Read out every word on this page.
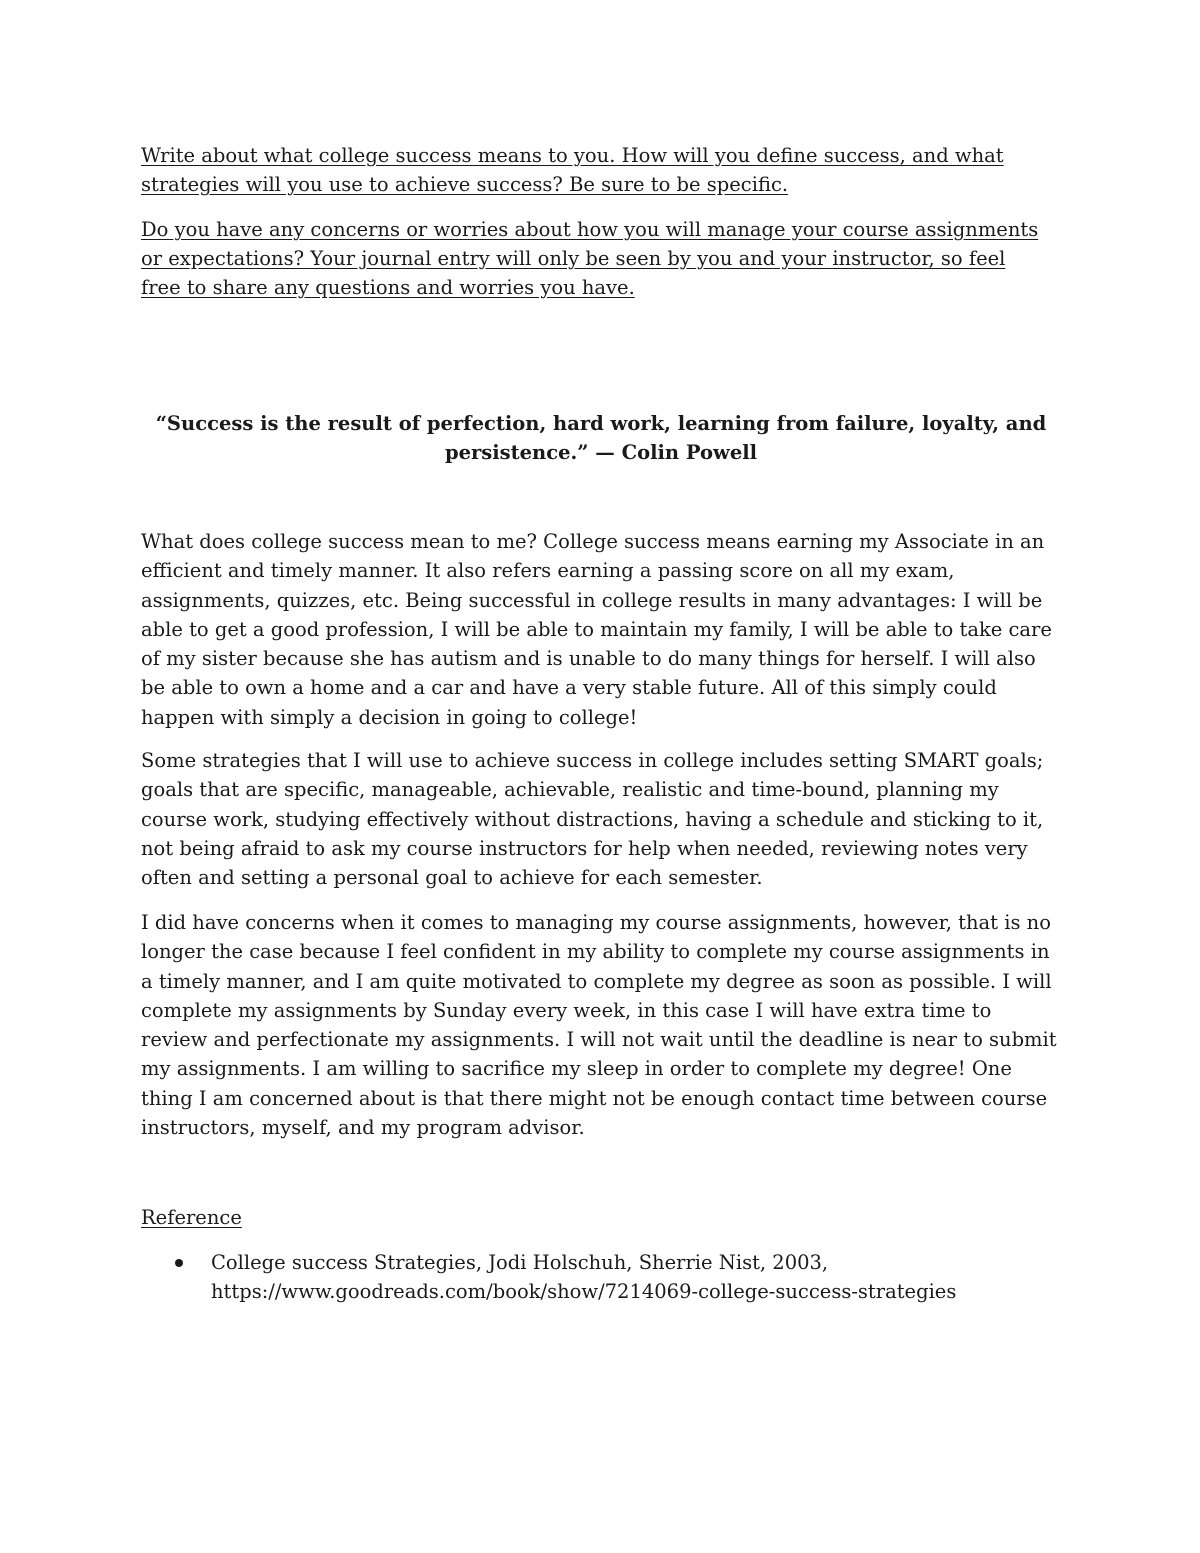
Write about what college success means to you. How will you define success, and what strategies will you use to achieve success? Be sure to be specific.

Do you have any concerns or worries about how you will manage your course assignments or expectations? Your journal entry will only be seen by you and your instructor, so feel free to share any questions and worries you have.

“Success is the result of perfection, hard work, learning from failure, loyalty, and persistence.” — Colin Powell

What does college success mean to me? College success means earning my Associate in an efficient and timely manner. It also refers earning a passing score on all my exam, assignments, quizzes, etc. Being successful in college results in many advantages: I will be able to get a good profession, I will be able to maintain my family, I will be able to take care of my sister because she has autism and is unable to do many things for herself. I will also be able to own a home and a car and have a very stable future. All of this simply could happen with simply a decision in going to college!

Some strategies that I will use to achieve success in college includes setting SMART goals; goals that are specific, manageable, achievable, realistic and time-bound, planning my course work, studying effectively without distractions, having a schedule and sticking to it, not being afraid to ask my course instructors for help when needed, reviewing notes very often and setting a personal goal to achieve for each semester.

I did have concerns when it comes to managing my course assignments, however, that is no longer the case because I feel confident in my ability to complete my course assignments in a timely manner, and I am quite motivated to complete my degree as soon as possible. I will complete my assignments by Sunday every week, in this case I will have extra time to review and perfectionate my assignments. I will not wait until the deadline is near to submit my assignments. I am willing to sacrifice my sleep in order to complete my degree! One thing I am concerned about is that there might not be enough contact time between course instructors, myself, and my program advisor.

Reference

College success Strategies, Jodi Holschuh, Sherrie Nist, 2003,
https://www.goodreads.com/book/show/7214069-college-success-strategies
